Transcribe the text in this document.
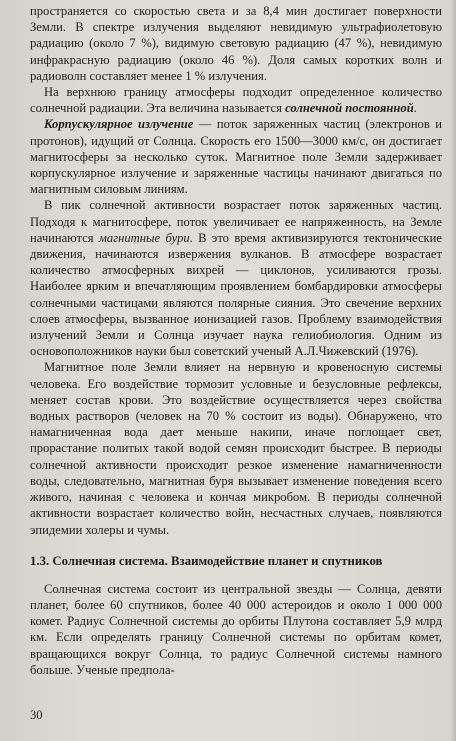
пространяется со скоростью света и за 8,4 мин достигает поверхности Земли. В спектре излучения выделяют невидимую ультрафиолетовую радиацию (около 7 %), видимую световую радиацию (47 %), невидимую инфракрасную радиацию (около 46 %). Доля самых коротких волн и радиоволн составляет менее 1 % излучения.

На верхнюю границу атмосферы подходит определенное количество солнечной радиации. Эта величина называется солнечной постоянной.

Корпускулярное излучение — поток заряженных частиц (электронов и протонов), идущий от Солнца. Скорость его 1500—3000 км/с, он достигает магнитосферы за несколько суток. Магнитное поле Земли задерживает корпускулярное излучение и заряженные частицы начинают двигаться по магнитным силовым линиям.

В пик солнечной активности возрастает поток заряженных частиц. Подходя к магнитосфере, поток увеличивает ее напряженность, на Земле начинаются магнитные бури. В это время активизируются тектонические движения, начинаются извержения вулканов. В атмосфере возрастает количество атмосферных вихрей — циклонов, усиливаются грозы. Наиболее ярким и впечатляющим проявлением бомбардировки атмосферы солнечными частицами являются полярные сияния. Это свечение верхних слоев атмосферы, вызванное ионизацией газов. Проблему взаимодействия излучений Земли и Солнца изучает наука гелиобиология. Одним из основоположников науки был советский ученый А.Л.Чижевский (1976).

Магнитное поле Земли влияет на нервную и кровеносную системы человека. Его воздействие тормозит условные и безусловные рефлексы, меняет состав крови. Это воздействие осуществляется через свойства водных растворов (человек на 70 % состоит из воды). Обнаружено, что намагниченная вода дает меньше накипи, иначе поглощает свет, прорастание политых такой водой семян происходит быстрее. В периоды солнечной активности происходит резкое изменение намагниченности воды, следовательно, магнитная буря вызывает изменение поведения всего живого, начиная с человека и кончая микробом. В периоды солнечной активности возрастает количество войн, несчастных случаев, появляются эпидемии холеры и чумы.

1.3. Солнечная система. Взаимодействие планет и спутников

Солнечная система состоит из центральной звезды — Солнца, девяти планет, более 60 спутников, более 40 000 астероидов и около 1 000 000 комет. Радиус Солнечной системы до орбиты Плутона составляет 5,9 млрд км. Если определять границу Солнечной системы по орбитам комет, вращающихся вокруг Солнца, то радиус Солнечной системы намного больше. Ученые предпола-

30
